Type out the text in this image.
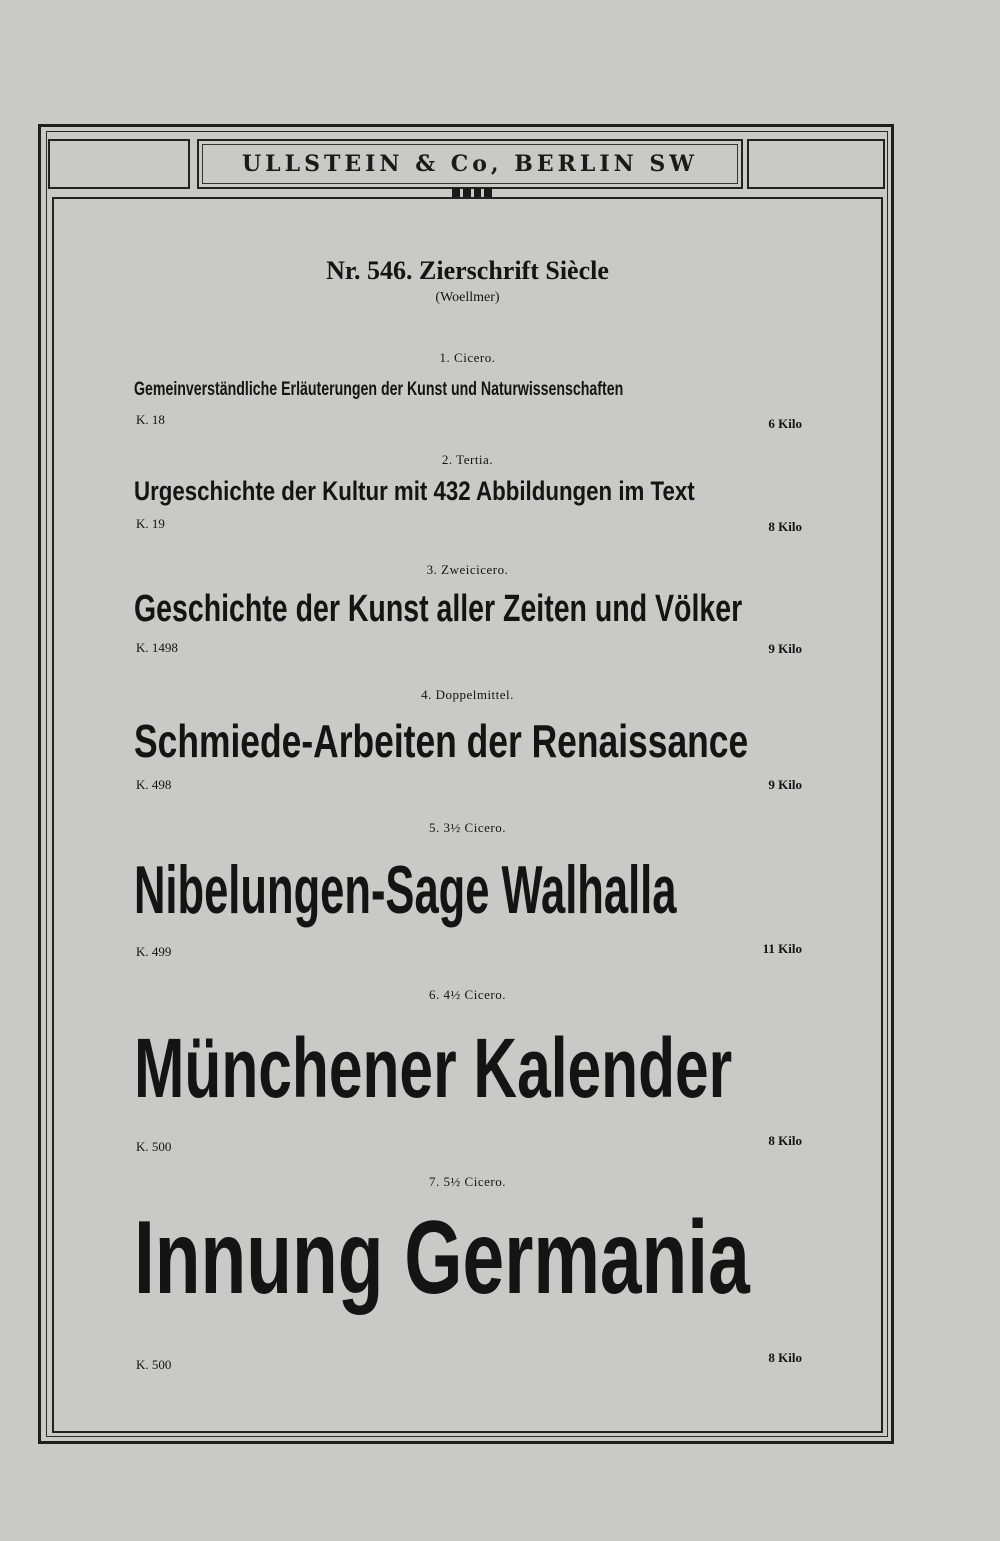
ULLSTEIN & Co, BERLIN SW
Nr. 546. Zierschrift Siècle
(Woellmer)
1. Cicero.
Gemeinverständliche Erläuterungen der Kunst und Naturwissenschaften
K. 18	6 Kilo
2. Tertia.
Urgeschichte der Kultur mit 432 Abbildungen im Text
K. 19	8 Kilo
3. Zweicicero.
Geschichte der Kunst aller Zeiten und Völker
K. 1498	9 Kilo
4. Doppelmittel.
Schmiede-Arbeiten der Renaissance
K. 498	9 Kilo
5. 3½ Cicero.
Nibelungen-Sage Walhalla
K. 499	11 Kilo
6. 4½ Cicero.
Münchener Kalender
K. 500	8 Kilo
7. 5½ Cicero.
Innung Germania
K. 500	8 Kilo
